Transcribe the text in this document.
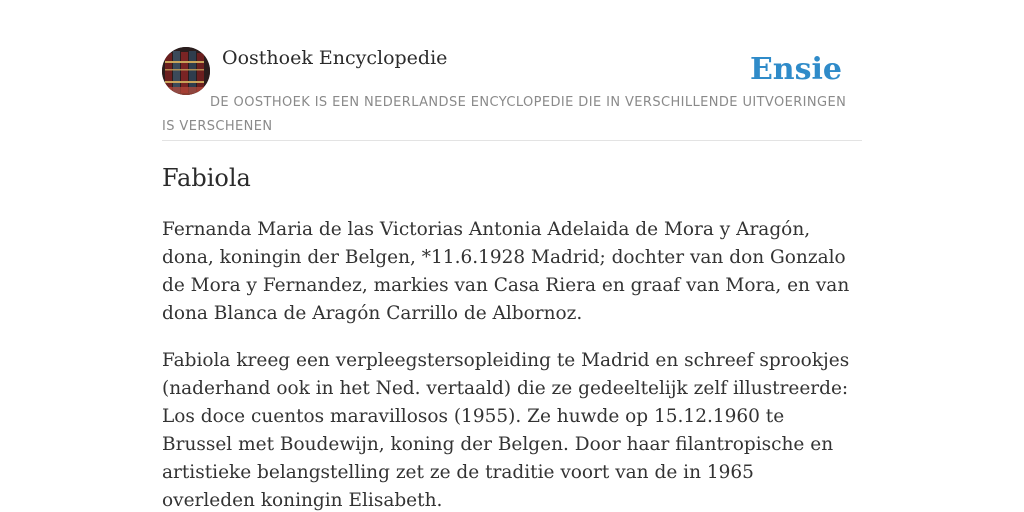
Oosthoek Encyclopedie	Ensie
DE OOSTHOEK IS EEN NEDERLANDSE ENCYCLOPEDIE DIE IN VERSCHILLENDE UITVOERINGEN IS VERSCHENEN
Fabiola

Fernanda Maria de las Victorias Antonia Adelaida de Mora y Aragón, dona, koningin der Belgen, *11.6.1928 Madrid; dochter van don Gonzalo de Mora y Fernandez, markies van Casa Riera en graaf van Mora, en van dona Blanca de Aragón Carrillo de Albornoz.

Fabiola kreeg een verpleegstersopleiding te Madrid en schreef sprookjes (naderhand ook in het Ned. vertaald) die ze gedeeltelijk zelf illustreerde: Los doce cuentos maravillosos (1955). Ze huwde op 15.12.1960 te Brussel met Boudewijn, koning der Belgen. Door haar filantropische en artistieke belangstelling zet ze de traditie voort van de in 1965 overleden koningin Elisabeth.
